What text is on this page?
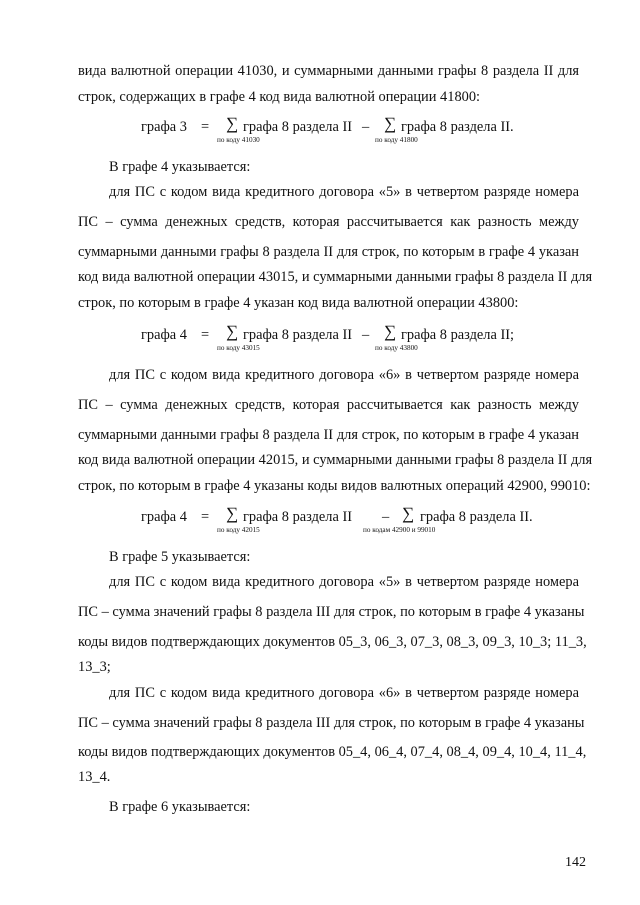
вида валютной операции 41030, и суммарными данными графы 8 раздела II для
строк, содержащих в графе 4 код вида валютной операции 41800:
графа 3 = ∑ графа 8 раздела II
по коду 41030
– ∑ графа 8 раздела II.
по коду 41800
В графе 4 указывается:
для ПС с кодом вида кредитного договора «5» в четвертом разряде номера
ПС – сумма денежных средств, которая рассчитывается как разность между
суммарными данными графы 8 раздела II для строк, по которым в графе 4 указан
код вида валютной операции 43015, и суммарными данными графы 8 раздела II для
строк, по которым в графе 4 указан код вида валютной операции 43800:
графа 4 = ∑ графа 8 раздела II
по коду 43015
– ∑ графа 8 раздела II;
по коду 43800
для ПС с кодом вида кредитного договора «6» в четвертом разряде номера
ПС – сумма денежных средств, которая рассчитывается как разность между
суммарными данными графы 8 раздела II для строк, по которым в графе 4 указан
код вида валютной операции 42015, и суммарными данными графы 8 раздела II для
строк, по которым в графе 4 указаны коды видов валютных операций 42900, 99010:
графа 4 = ∑ графа 8 раздела II
по коду 42015
– ∑ графа 8 раздела II.
по кодам 42900 и 99010
В графе 5 указывается:
для ПС с кодом вида кредитного договора «5» в четвертом разряде номера
ПС – сумма значений графы 8 раздела III для строк, по которым в графе 4 указаны
коды видов подтверждающих документов 05_3, 06_3, 07_3, 08_3, 09_3, 10_3; 11_3,
13_3;
для ПС с кодом вида кредитного договора «6» в четвертом разряде номера
ПС – сумма значений графы 8 раздела III для строк, по которым в графе 4 указаны
коды видов подтверждающих документов 05_4, 06_4, 07_4, 08_4, 09_4, 10_4, 11_4,
13_4.
В графе 6 указывается:
142
